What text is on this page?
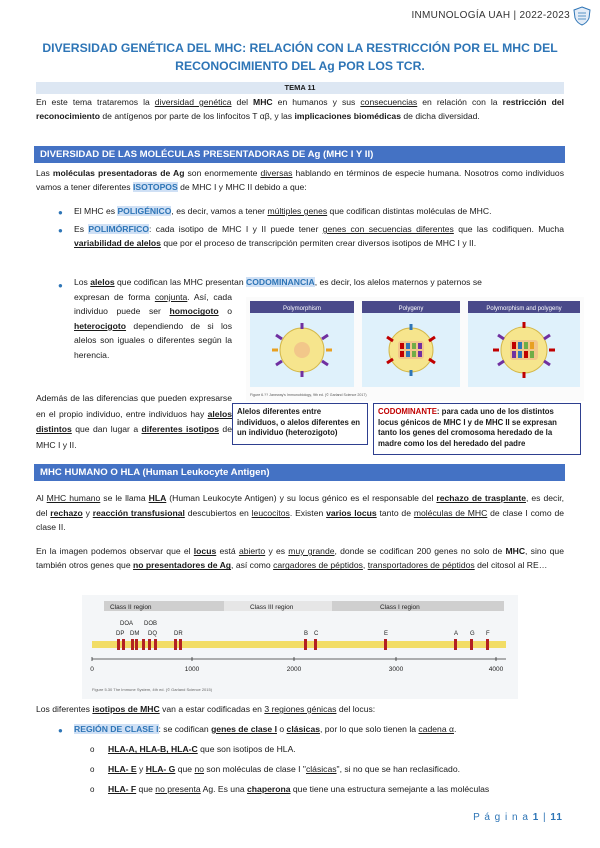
INMUNOLOGÍA UAH | 2022-2023
DIVERSIDAD GENÉTICA DEL MHC: RELACIÓN CON LA RESTRICCIÓN POR EL MHC DEL
RECONOCIMIENTO DEL Ag POR LOS TCR.
TEMA 11

En este tema trataremos la diversidad genética del MHC en humanos y sus consecuencias en relación con la restricción del reconocimiento de antígenos por parte de los linfocitos T αβ, y las implicaciones biomédicas de dicha diversidad.

DIVERSIDAD DE LAS MOLÉCULAS PRESENTADORAS DE Ag (MHC I Y II)

Las moléculas presentadoras de Ag son enormemente diversas hablando en términos de especie humana. Nosotros como individuos vamos a tener diferentes ISOTOPOS de MHC I y MHC II debido a que:

● El MHC es POLIGÉNICO, es decir, vamos a tener múltiples genes que codifican distintas moléculas de MHC.

● Es POLIMÓRFICO: cada isotipo de MHC I y II puede tener genes con secuencias diferentes que las codifiquen. Mucha variabilidad de alelos que por el proceso de transcripción permiten crear diversos isotipos de MHC I y II.

● Los alelos que codifican las MHC presentan CODOMINANCIA, es decir, los alelos maternos y paternos se

expresan de forma conjunta. Así, cada individuo puede ser homocigoto o heterocigoto dependiendo de si los alelos son iguales o diferentes según la herencia.

Además de las diferencias que pueden expresarse en el propio individuo, entre individuos hay alelos distintos que dan lugar a diferentes isotipos de MHC I y II.

Polymorphism	Polygeny	Polymorphism and polygeny
Figure 6.?? Janeway's Immunobiology, 9th ed. (© Garland Science 2017)
Alelos diferentes entre individuos, o alelos diferentes en un individuo (heterozigoto)
CODOMINANTE: para cada uno de los distintos locus génicos de MHC I y de MHC II se expresan tanto los genes del cromosoma heredado de la madre como los del heredado del padre
MHC HUMANO O HLA (Human Leukocyte Antigen)

Al MHC humano se le llama HLA (Human Leukocyte Antigen) y su locus génico es el responsable del rechazo de trasplante, es decir, del rechazo y reacción transfusional descubiertos en leucocitos. Existen varios locus tanto de moléculas de MHC de clase I como de clase II.

En la imagen podemos observar que el locus está abierto y es muy grande, donde se codifican 200 genes no solo de MHC, sino que también otros genes que no presentadores de Ag, así como cargadores de péptidos, transportadores de péptidos del citosol al RE…

Class II region	Class III region	Class I region
DOA DOB
DP DM DQ	DR	B C	E	A G F
0	1000	2000	3000	4000
Figure 5.30 The Immune System, 4th ed. (© Garland Science 2015)

Los diferentes isotipos de MHC van a estar codificadas en 3 regiones génicas del locus:

● REGIÓN DE CLASE I: se codifican genes de clase I o clásicas, por lo que solo tienen la cadena α.

o HLA-A, HLA-B, HLA-C que son isotipos de HLA.

o HLA- E y HLA- G que no son moléculas de clase I "clásicas", si no que se han reclasificado.

o HLA- F que no presenta Ag. Es una chaperona que tiene una estructura semejante a las moléculas

P á g i n a 1 | 11
